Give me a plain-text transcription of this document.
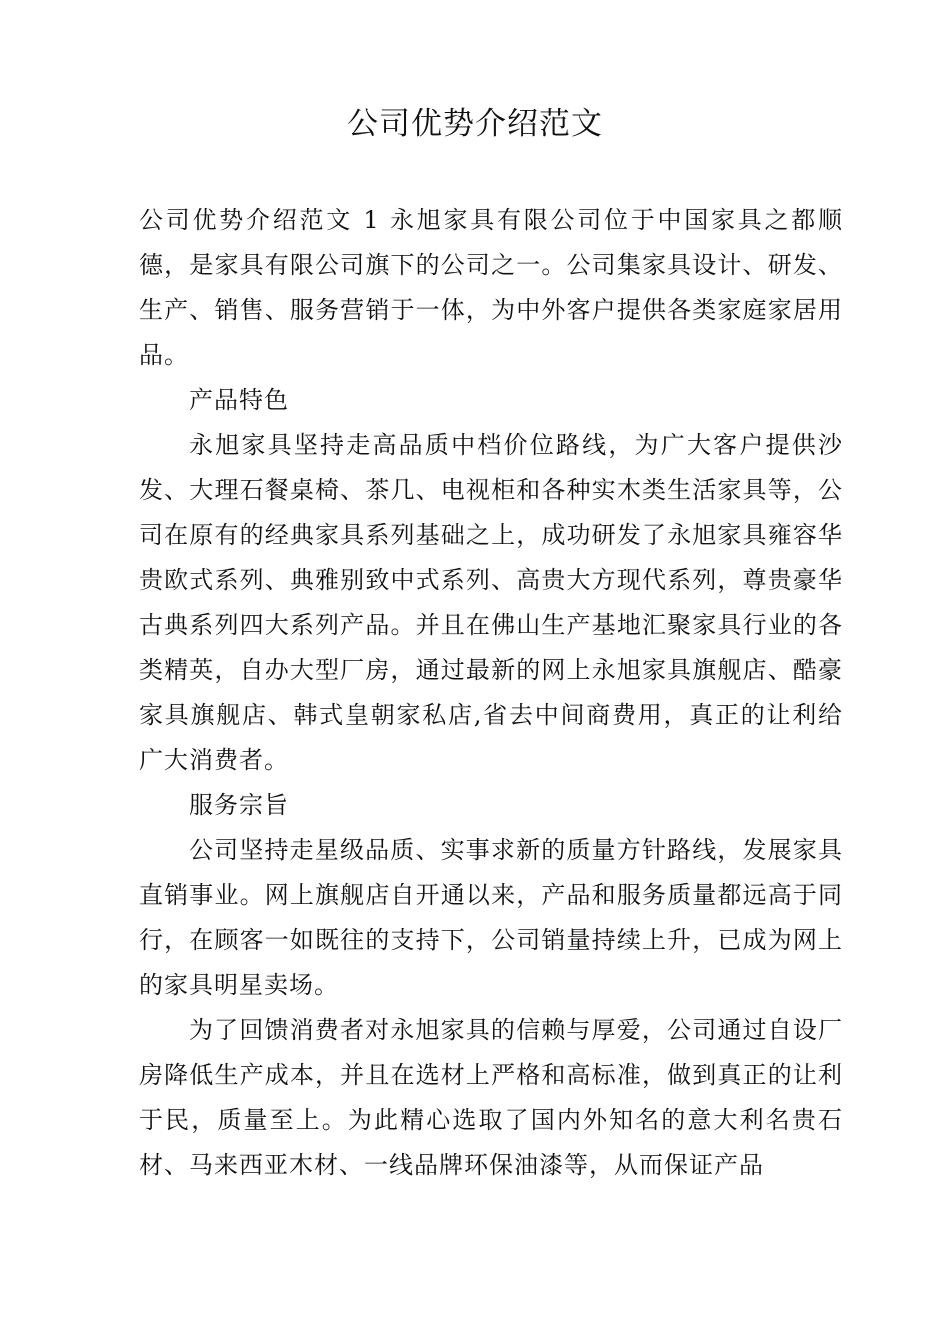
公司优势介绍范文

公司优势介绍范文 1 永旭家具有限公司位于中国家具之都顺德，是家具有限公司旗下的公司之一。公司集家具设计、研发、生产、销售、服务营销于一体，为中外客户提供各类家庭家居用品。

产品特色

永旭家具坚持走高品质中档价位路线，为广大客户提供沙发、大理石餐桌椅、茶几、电视柜和各种实木类生活家具等，公司在原有的经典家具系列基础之上，成功研发了永旭家具雍容华贵欧式系列、典雅别致中式系列、高贵大方现代系列，尊贵豪华古典系列四大系列产品。并且在佛山生产基地汇聚家具行业的各类精英，自办大型厂房，通过最新的网上永旭家具旗舰店、酷豪家具旗舰店、韩式皇朝家私店,省去中间商费用，真正的让利给广大消费者。

服务宗旨

公司坚持走星级品质、实事求新的质量方针路线，发展家具直销事业。网上旗舰店自开通以来，产品和服务质量都远高于同行，在顾客一如既往的支持下，公司销量持续上升，已成为网上的家具明星卖场。

为了回馈消费者对永旭家具的信赖与厚爱，公司通过自设厂房降低生产成本，并且在选材上严格和高标准，做到真正的让利于民，质量至上。为此精心选取了国内外知名的意大利名贵石材、马来西亚木材、一线品牌环保油漆等，从而保证产品
